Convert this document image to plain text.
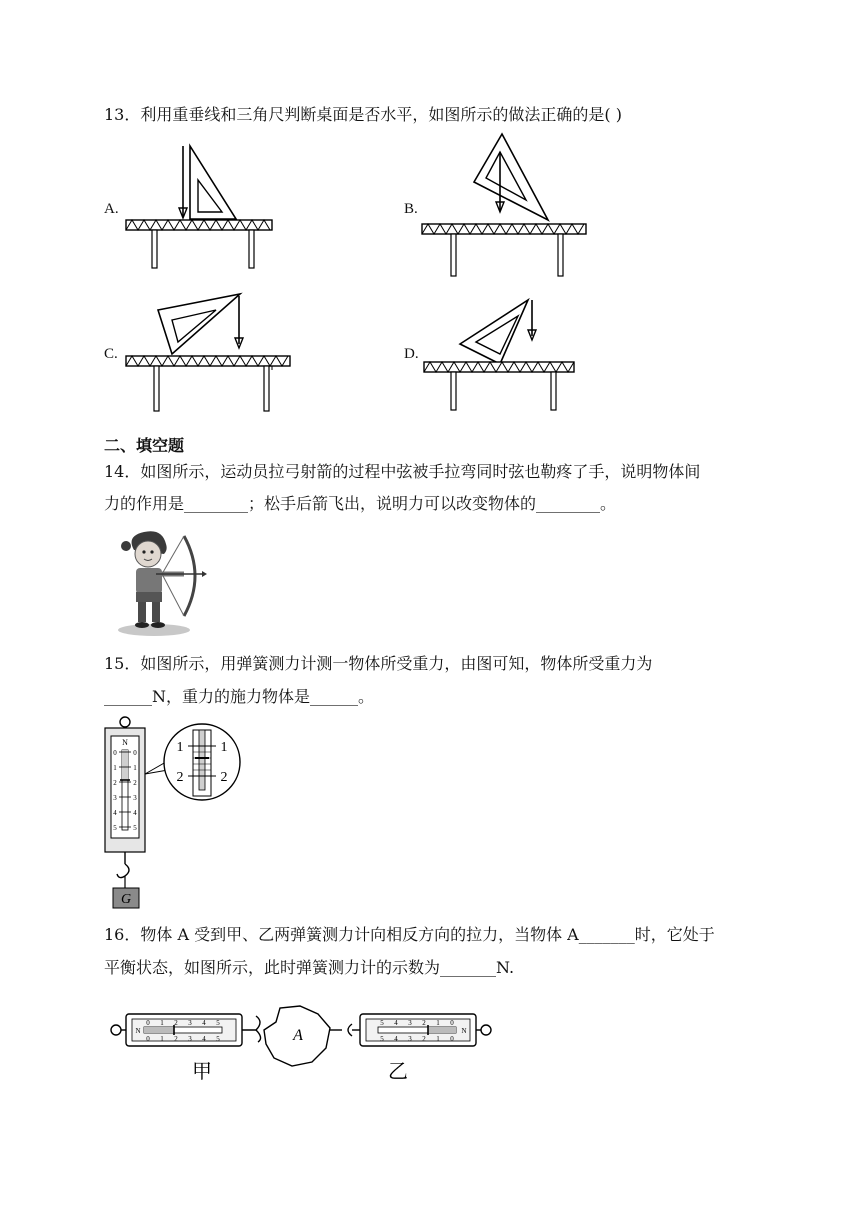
13．利用重垂线和三角尺判断桌面是否水平，如图所示的做法正确的是( )
A.	B.
C.	D.
二、填空题
14．如图所示，运动员拉弓射箭的过程中弦被手拉弯同时弦也勒疼了手，说明物体间
力的作用是________；松手后箭飞出，说明力可以改变物体的________。
15．如图所示，用弹簧测力计测一物体所受重力，由图可知，物体所受重力为
______N，重力的施力物体是______。
N
0
1
2
3
4
5
0
1
2
3
4
5
G
1
2
1
2
16．物体 A 受到甲、乙两弹簧测力计向相反方向的拉力，当物体 A_______时，它处于
平衡状态，如图所示，此时弹簧测力计的示数为_______N.
N
0 1 2 3 4 5
0 1 2 3 4 5	A
5 4 3 2 1 0
5 4 3 2 1 0
N
甲	乙
